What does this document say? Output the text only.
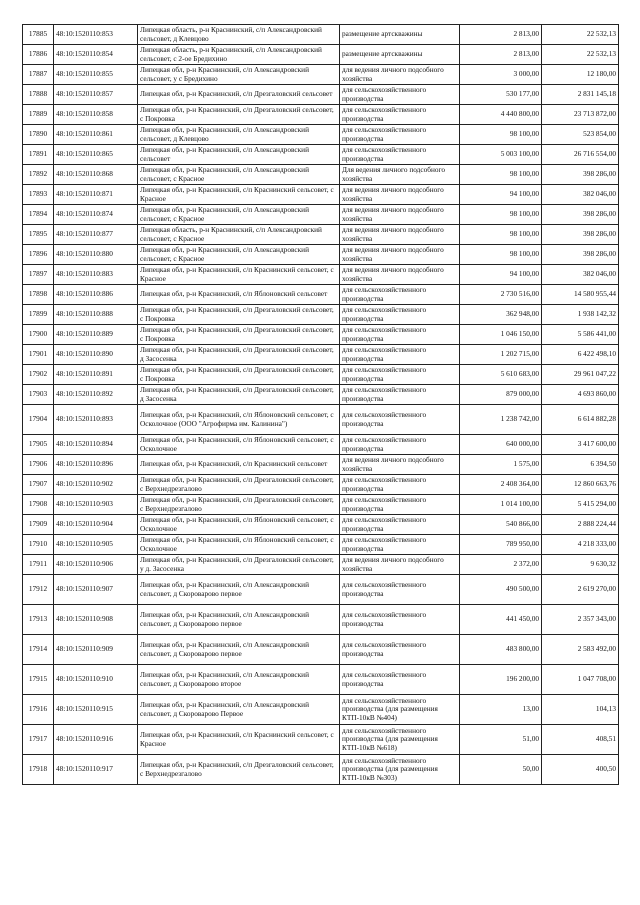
17885	48:10:1520110:853	Липецкая область, р-н Краснинский, с/п Александровский сельсовет, д Клевцово	размещение артскважины	2 813,00	22 532,13
17886	48:10:1520110:854	Липецкая область, р-н Краснинский, с/п Александровский сельсовет, с 2-ое Бредихино	размещение артскважины	2 813,00	22 532,13
17887	48:10:1520110:855	Липецкая обл, р-н Краснинский, с/п Александровский сельсовет, у с Бредихино	для ведения личного подсобного хозяйства	3 000,00	12 180,00
17888	48:10:1520110:857	Липецкая обл, р-н Краснинский, с/п Дрезгаловский сельсовет	для сельскохозяйственного производства	530 177,00	2 831 145,18
17889	48:10:1520110:858	Липецкая обл, р-н Краснинский, с/п Дрезгаловский сельсовет, с Покровка	для сельскохозяйственного производства	4 440 800,00	23 713 872,00
17890	48:10:1520110:861	Липецкая обл, р-н Краснинский, с/п Александровский сельсовет, д Клевцово	для сельскохозяйственного производства	98 100,00	523 854,00
17891	48:10:1520110:865	Липецкая обл, р-н Краснинский, с/п Александровский сельсовет	для сельскохозяйственного производства	5 003 100,00	26 716 554,00
17892	48:10:1520110:868	Липецкая обл, р-н Краснинский, с/п Александровский сельсовет, с Красное	Для ведения личного подсобного хозяйства	98 100,00	398 286,00
17893	48:10:1520110:871	Липецкая обл, р-н Краснинский, с/п Краснинский сельсовет, с Красное	для ведения личного подсобного хозяйства	94 100,00	382 046,00
17894	48:10:1520110:874	Липецкая обл, р-н Краснинский, с/п Александровский сельсовет, с Красное	для ведения личного подсобного хозяйства	98 100,00	398 286,00
17895	48:10:1520110:877	Липецкая область, р-н Краснинский, с/п Александровский сельсовет, с Красное	для ведения личного подсобного хозяйства	98 100,00	398 286,00
17896	48:10:1520110:880	Липецкая обл, р-н Краснинский, с/п Александровский сельсовет, с Красное	для ведения личного подсобного хозяйства	98 100,00	398 286,00
17897	48:10:1520110:883	Липецкая обл, р-н Краснинский, с/п Краснинский сельсовет, с Красное	для ведения личного подсобного хозяйства	94 100,00	382 046,00
17898	48:10:1520110:886	Липецкая обл, р-н Краснинский, с/п Яблоновский сельсовет	для сельскохозяйственного производства	2 730 516,00	14 580 955,44
17899	48:10:1520110:888	Липецкая обл, р-н Краснинский, с/п Дрезгаловский сельсовет, с Покровка	для сельскохозяйственного производства	362 948,00	1 938 142,32
17900	48:10:1520110:889	Липецкая обл, р-н Краснинский, с/п Дрезгаловский сельсовет, с Покровка	для сельскохозяйственного производства	1 046 150,00	5 586 441,00
17901	48:10:1520110:890	Липецкая обл, р-н Краснинский, с/п Дрезгаловский сельсовет, д Засосенка	для сельскохозяйственного производства	1 202 715,00	6 422 498,10
17902	48:10:1520110:891	Липецкая обл, р-н Краснинский, с/п Дрезгаловский сельсовет, с Покровка	для сельскохозяйственного производства	5 610 683,00	29 961 047,22
17903	48:10:1520110:892	Липецкая обл, р-н Краснинский, с/п Дрезгаловский сельсовет, д Засосенка	для сельскохозяйственного производства	879 000,00	4 693 860,00
17904	48:10:1520110:893	Липецкая обл, р-н Краснинский, с/п Яблоновский сельсовет, с Осколочное (ООО "Агрофирма им. Калинина")	для сельскохозяйственного производства	1 238 742,00	6 614 882,28
17905	48:10:1520110:894	Липецкая обл, р-н Краснинский, с/п Яблоновский сельсовет, с Осколочное	для сельскохозяйственного производства	640 000,00	3 417 600,00
17906	48:10:1520110:896	Липецкая обл, р-н Краснинский, с/п Краснинский сельсовет	для ведения личного подсобного хозяйства	1 575,00	6 394,50
17907	48:10:1520110:902	Липецкая обл, р-н Краснинский, с/п Дрезгаловский сельсовет, с Верхнедрезгалово	для сельскохозяйственного производства	2 408 364,00	12 860 663,76
17908	48:10:1520110:903	Липецкая обл, р-н Краснинский, с/п Дрезгаловский сельсовет, с Верхнедрезгалово	для сельскохозяйственного производства	1 014 100,00	5 415 294,00
17909	48:10:1520110:904	Липецкая обл, р-н Краснинский, с/п Яблоновский сельсовет, с Осколочное	для сельскохозяйственного производства	540 866,00	2 888 224,44
17910	48:10:1520110:905	Липецкая обл, р-н Краснинский, с/п Яблоновский сельсовет, с Осколочное	для сельскохозяйственного производства	789 950,00	4 218 333,00
17911	48:10:1520110:906	Липецкая обл, р-н Краснинский, с/п Дрезгаловский сельсовет, у д. Засосенка	для ведения личного подсобного хозяйства	2 372,00	9 630,32
17912	48:10:1520110:907	Липецкая обл, р-н Краснинский, с/п Александровский сельсовет, д Скороварово первое	для сельскохозяйственного производства	490 500,00	2 619 270,00
17913	48:10:1520110:908	Липецкая обл, р-н Краснинский, с/п Александровский сельсовет, д Скороварово первое	для сельскохозяйственного производства	441 450,00	2 357 343,00
17914	48:10:1520110:909	Липецкая обл, р-н Краснинский, с/п Александровский сельсовет, д Скороварово первое	для сельскохозяйственного производства	483 800,00	2 583 492,00
17915	48:10:1520110:910	Липецкая обл, р-н Краснинский, с/п Александровский сельсовет, д Скороварово второе	для сельскохозяйственного производства	196 200,00	1 047 708,00
17916	48:10:1520110:915	Липецкая обл, р-н Краснинский, с/п Александровский сельсовет, д Скороварово Первое	для сельскохозяйственного производства (для размещения КТП-10кВ №404)	13,00	104,13
17917	48:10:1520110:916	Липецкая обл, р-н Краснинский, с/п Краснинский сельсовет, с Красное	для сельскохозяйственного производства (для размещения КТП-10кВ №618)	51,00	408,51
17918	48:10:1520110:917	Липецкая обл, р-н Краснинский, с/п Дрезгаловский сельсовет, с Верхнедрезгалово	для сельскохозяйственного производства (для размещения КТП-10кВ №303)	50,00	400,50
